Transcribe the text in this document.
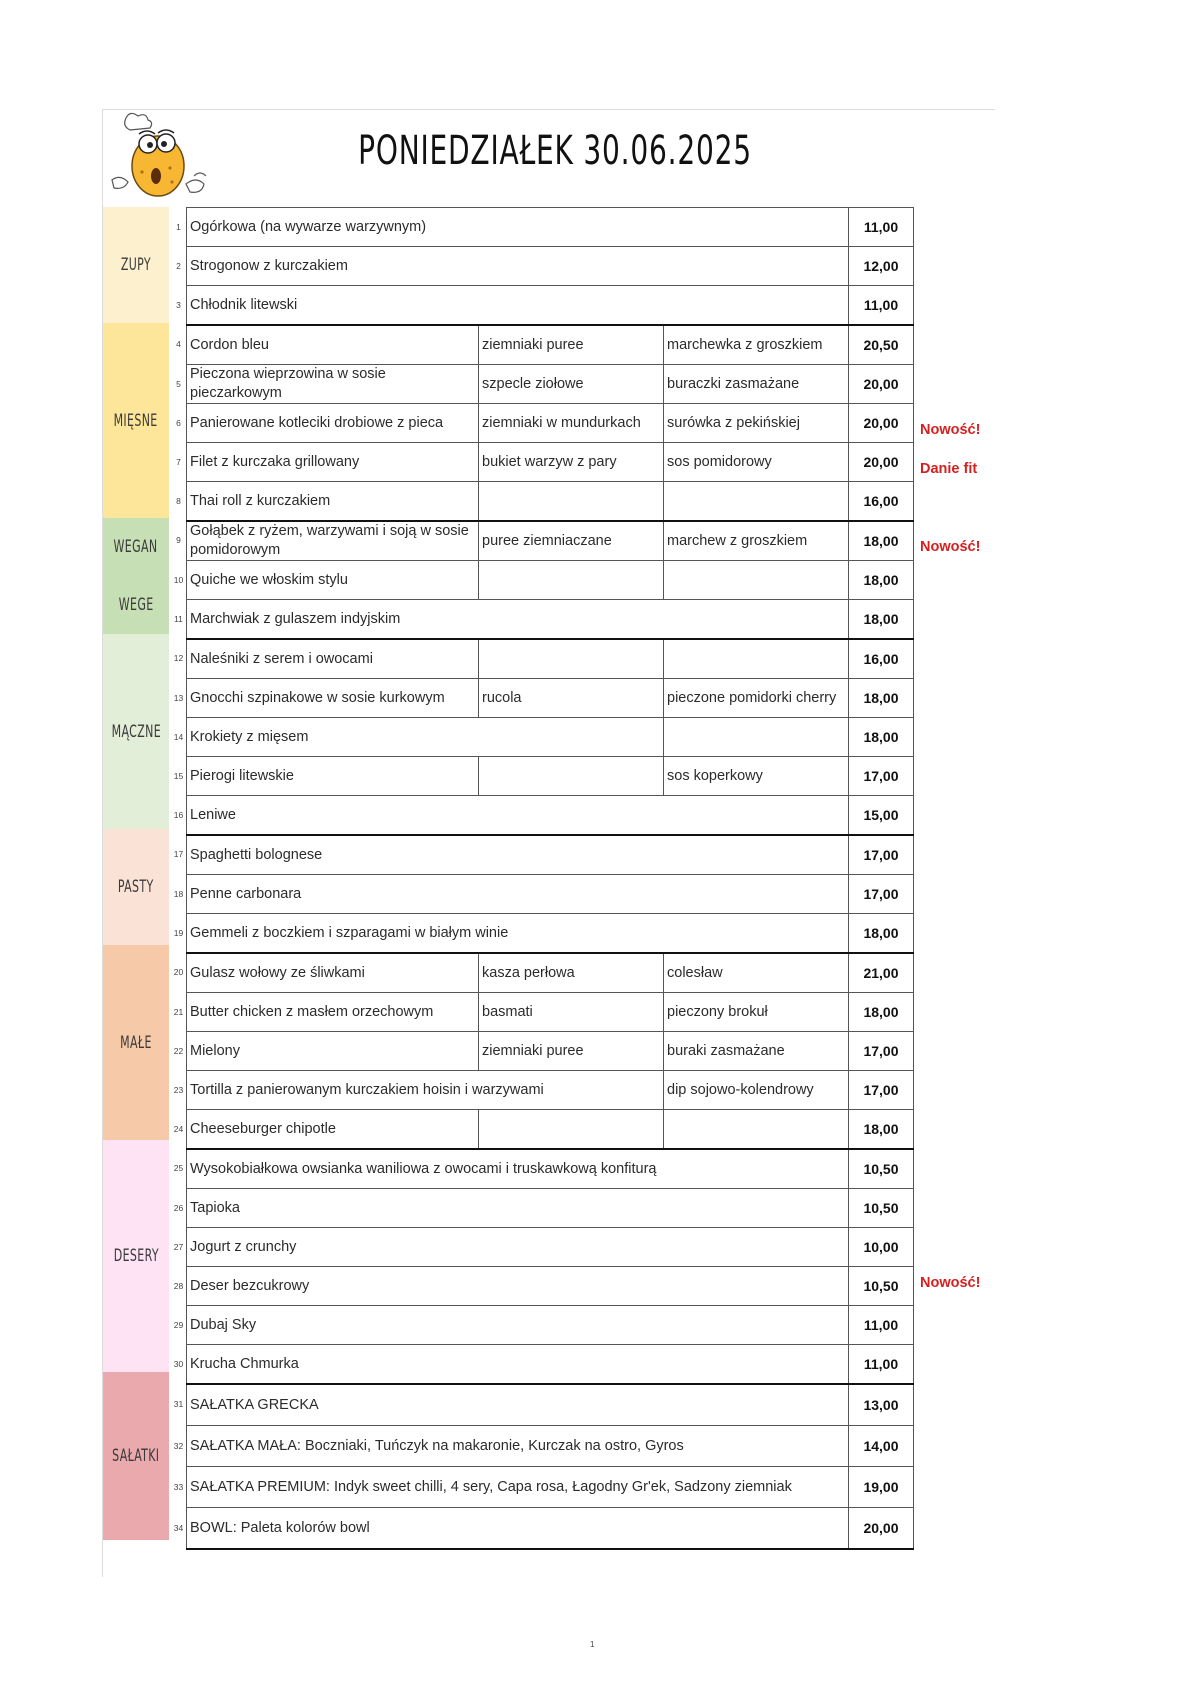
PONIEDZIAŁEK 30.06.2025
ZUPY
MIĘSNE
WEGAN
WEGE
MĄCZNE
PASTY
MAŁE
DESERY
SAŁATKI
1	Ogórkowa (na wywarze warzywnym)			11,00
2	Strogonow z kurczakiem			12,00
3	Chłodnik litewski			11,00
4	Cordon bleu	ziemniaki puree	marchewka z groszkiem	20,50
5	Pieczona wieprzowina w sosie pieczarkowym	szpecle ziołowe	buraczki zasmażane	20,00
6	Panierowane kotleciki drobiowe z pieca	ziemniaki w mundurkach	surówka z pekińskiej	20,00
7	Filet z kurczaka grillowany	bukiet warzyw z pary	sos pomidorowy	20,00
8	Thai roll z kurczakiem			16,00
9	Gołąbek z ryżem, warzywami i soją w sosie pomidorowym	puree ziemniaczane	marchew z groszkiem	18,00
10	Quiche we włoskim stylu			18,00
11	Marchwiak z gulaszem indyjskim			18,00
12	Naleśniki z serem i owocami			16,00
13	Gnocchi szpinakowe w sosie kurkowym	rucola	pieczone pomidorki cherry	18,00
14	Krokiety z mięsem			18,00
15	Pierogi litewskie		sos koperkowy	17,00
16	Leniwe			15,00
17	Spaghetti bolognese			17,00
18	Penne carbonara			17,00
19	Gemmeli z boczkiem i szparagami w białym winie			18,00
20	Gulasz wołowy ze śliwkami	kasza perłowa	colesław	21,00
21	Butter chicken z masłem orzechowym	basmati	pieczony brokuł	18,00
22	Mielony	ziemniaki puree	buraki zasmażane	17,00
23	Tortilla z panierowanym kurczakiem hoisin i warzywami		dip sojowo-kolendrowy	17,00
24	Cheeseburger chipotle			18,00
25	Wysokobiałkowa owsianka waniliowa z owocami i truskawkową konfiturą			10,50
26	Tapioka			10,50
27	Jogurt z crunchy			10,00
28	Deser bezcukrowy			10,50
29	Dubaj Sky			11,00
30	Krucha Chmurka			11,00
31	SAŁATKA GRECKA			13,00
32	SAŁATKA MAŁA: Boczniaki, Tuńczyk na makaronie, Kurczak na ostro, Gyros			14,00
33	SAŁATKA PREMIUM: Indyk sweet chilli, 4 sery, Capa rosa, Łagodny Gr'ek, Sadzony ziemniak			19,00
34	BOWL: Paleta kolorów bowl			20,00
Nowość!
Danie fit
Nowość!
Nowość!
1
